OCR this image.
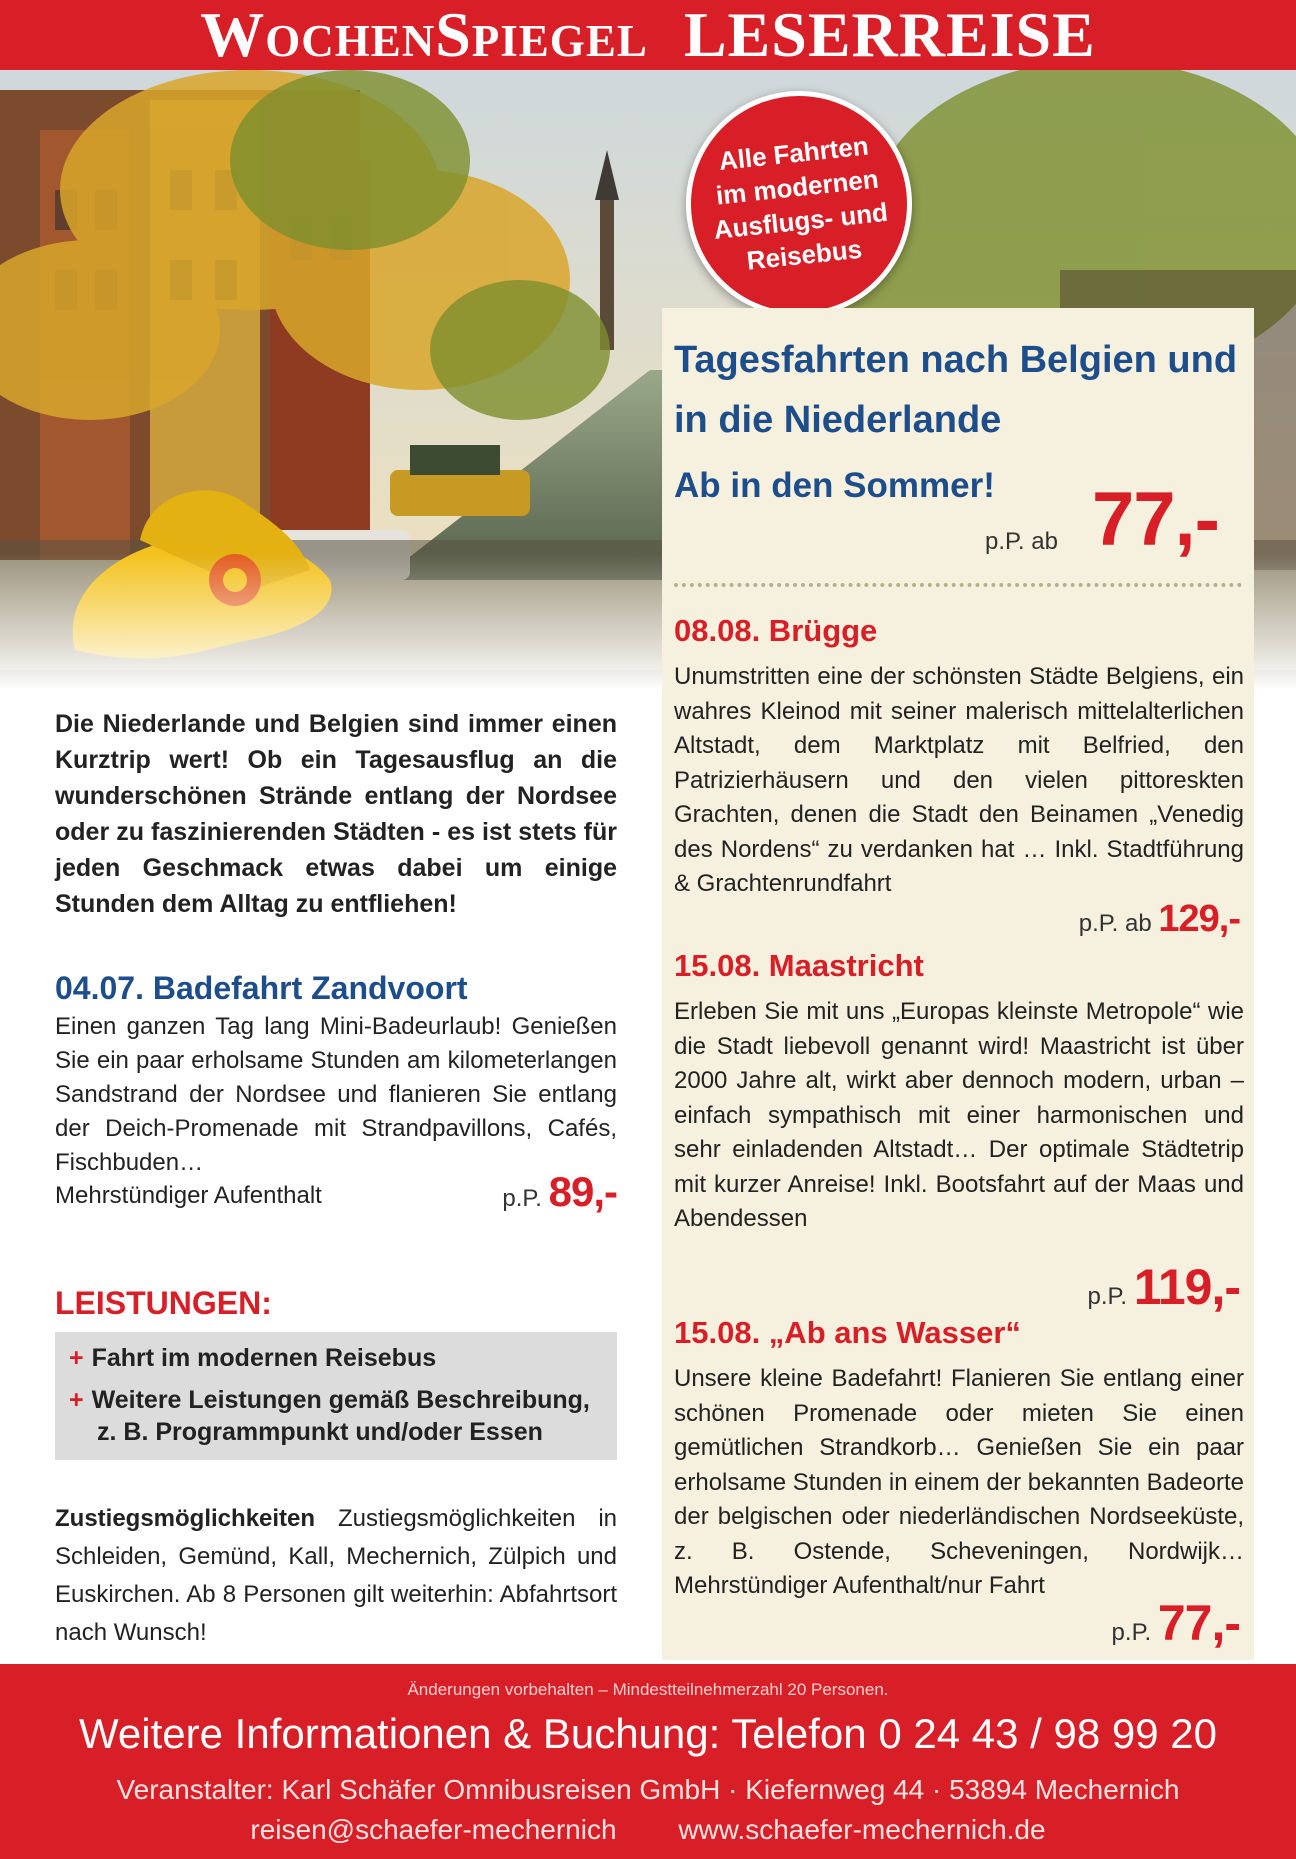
WochenSpiegel LESERREISE
Alle Fahrten
im modernen
Ausflugs- und
Reisebus
Tagesfahrten nach Belgien und in die Niederlande
Ab in den Sommer!
p.P. ab 77,-
08.08. Brügge
Unumstritten eine der schönsten Städte Belgiens, ein wahres Kleinod mit seiner malerisch mittelalterlichen Altstadt, dem Marktplatz mit Belfried, den Patrizierhäusern und den vielen pittoreskten Grachten, denen die Stadt den Beinamen „Venedig des Nordens“ zu verdanken hat … Inkl. Stadtführung & Grachtenrundfahrt
p.P. ab 129,-
15.08. Maastricht
Erleben Sie mit uns „Europas kleinste Metropole“ wie die Stadt liebevoll genannt wird! Maastricht ist über 2000 Jahre alt, wirkt aber dennoch modern, urban – einfach sympathisch mit einer harmonischen und sehr einladenden Altstadt… Der optimale Städtetrip mit kurzer Anreise! Inkl. Bootsfahrt auf der Maas und Abendessen
p.P. 119,-
15.08. „Ab ans Wasser“
Unsere kleine Badefahrt! Flanieren Sie entlang einer schönen Promenade oder mieten Sie einen gemütlichen Strandkorb… Genießen Sie ein paar erholsame Stunden in einem der bekannten Badeorte der belgischen oder niederländischen Nordseeküste, z. B. Ostende, Scheveningen, Nordwijk… Mehrstündiger Aufenthalt/nur Fahrt
p.P. 77,-
Die Niederlande und Belgien sind immer einen Kurztrip wert! Ob ein Tagesausflug an die wunderschönen Strände entlang der Nordsee oder zu faszinierenden Städten - es ist stets für jeden Geschmack etwas dabei um einige Stunden dem Alltag zu entfliehen!
04.07. Badefahrt Zandvoort
Einen ganzen Tag lang Mini-Badeurlaub! Genießen Sie ein paar erholsame Stunden am kilometerlangen Sandstrand der Nordsee und flanieren Sie entlang der Deich-Promenade mit Strandpavillons, Cafés, Fischbuden…
Mehrstündiger Aufenthalt	p.P. 89,-
LEISTUNGEN:
+ Fahrt im modernen Reisebus
+ Weitere Leistungen gemäß Beschreibung,
z. B. Programmpunkt und/oder Essen
Zustiegsmöglichkeiten Zustiegsmöglichkeiten in Schleiden, Gemünd, Kall, Mechernich, Zülpich und Euskirchen. Ab 8 Personen gilt weiterhin: Abfahrtsort nach Wunsch!
Änderungen vorbehalten – Mindestteilnehmerzahl 20 Personen.
Weitere Informationen & Buchung: Telefon 0 24 43 / 98 99 20
Veranstalter: Karl Schäfer Omnibusreisen GmbH · Kiefernweg 44 · 53894 Mechernich
reisen@schaefer-mechernich www.schaefer-mechernich.de
